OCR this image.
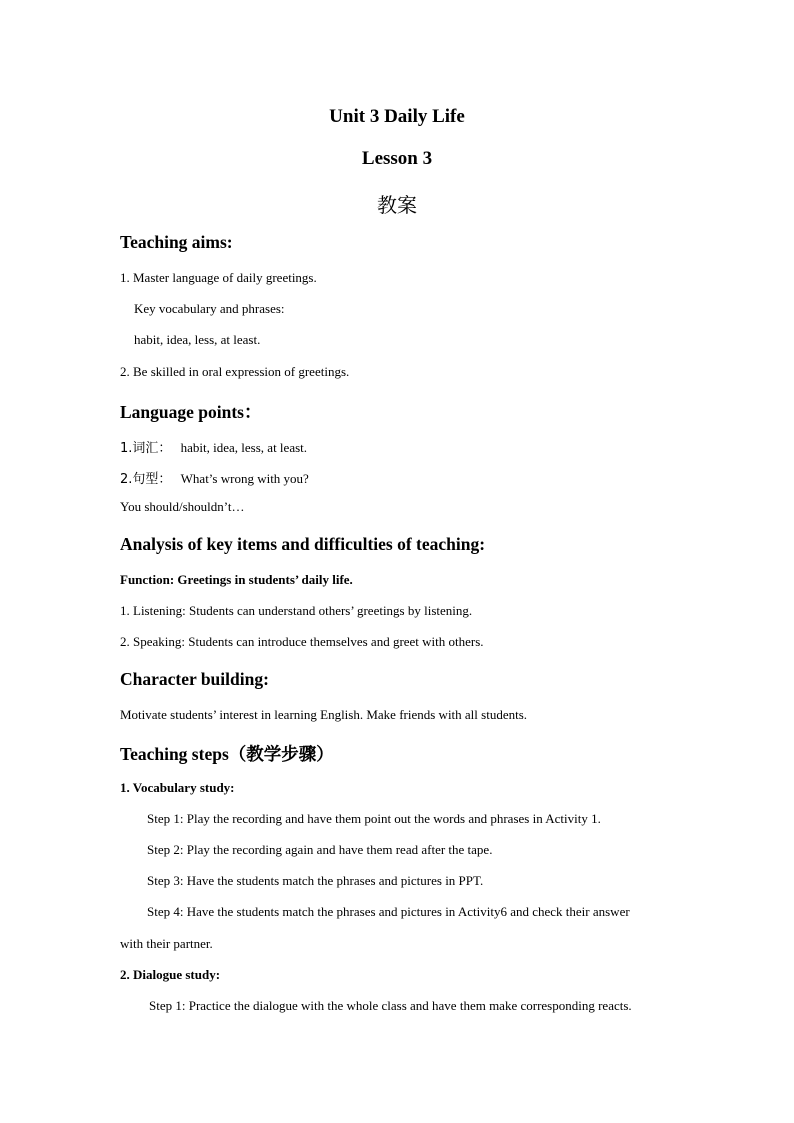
Unit 3 Daily Life
Lesson 3
教案
Teaching aims:
1. Master language of daily greetings.
Key vocabulary and phrases:
habit, idea, less, at least.
2. Be skilled in oral expression of greetings.
Language points：
1.词汇： habit, idea, less, at least.
2.句型： What’s wrong with you?
You should/shouldn’t…
Analysis of key items and difficulties of teaching:
Function: Greetings in students’ daily life.
1. Listening: Students can understand others’ greetings by listening.
2. Speaking: Students can introduce themselves and greet with others.
Character building:
Motivate students’ interest in learning English. Make friends with all students.
Teaching steps（教学步骤）
1. Vocabulary study:
Step 1: Play the recording and have them point out the words and phrases in Activity 1.
Step 2: Play the recording again and have them read after the tape.
Step 3: Have the students match the phrases and pictures in PPT.
Step 4: Have the students match the phrases and pictures in Activity6 and check their answer
with their partner.
2. Dialogue study:
Step 1: Practice the dialogue with the whole class and have them make corresponding reacts.
